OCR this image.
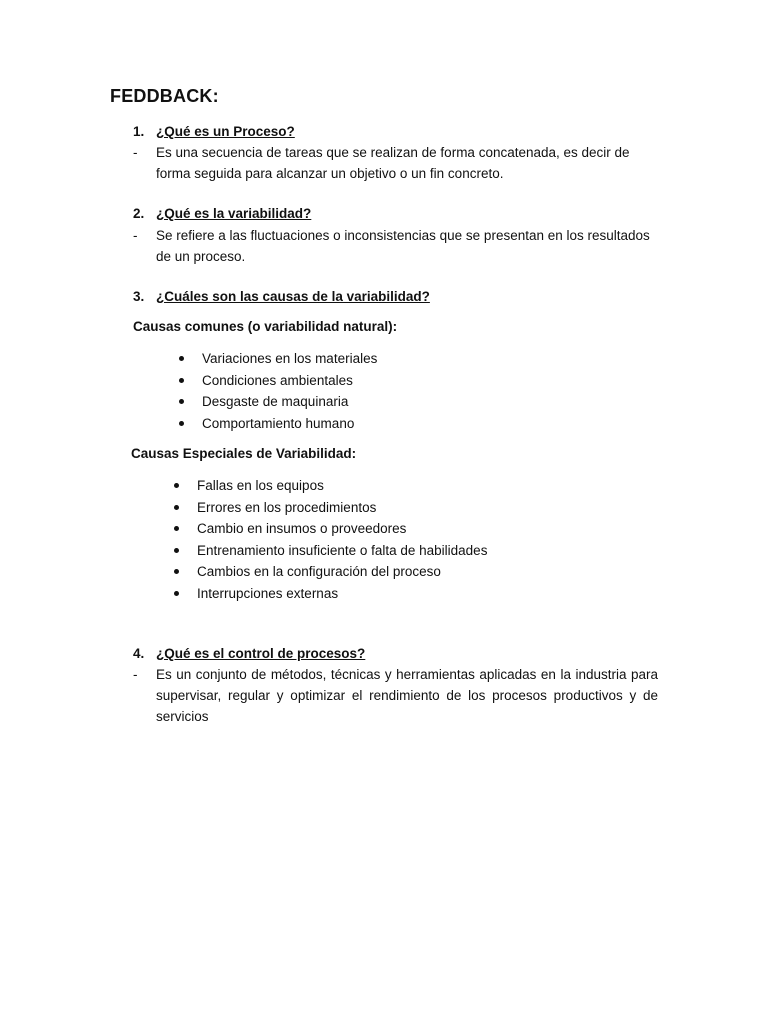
FEDDBACK:
1. ¿Qué es un Proceso?
- Es una secuencia de tareas que se realizan de forma concatenada, es decir de forma seguida para alcanzar un objetivo o un fin concreto.
2. ¿Qué es la variabilidad?
- Se refiere a las fluctuaciones o inconsistencias que se presentan en los resultados de un proceso.
3. ¿Cuáles son las causas de la variabilidad?
Causas comunes (o variabilidad natural):
Variaciones en los materiales
Condiciones ambientales
Desgaste de maquinaria
Comportamiento humano
Causas Especiales de Variabilidad:
Fallas en los equipos
Errores en los procedimientos
Cambio en insumos o proveedores
Entrenamiento insuficiente o falta de habilidades
Cambios en la configuración del proceso
Interrupciones externas
4. ¿Qué es el control de procesos?
- Es un conjunto de métodos, técnicas y herramientas aplicadas en la industria para supervisar, regular y optimizar el rendimiento de los procesos productivos y de servicios
